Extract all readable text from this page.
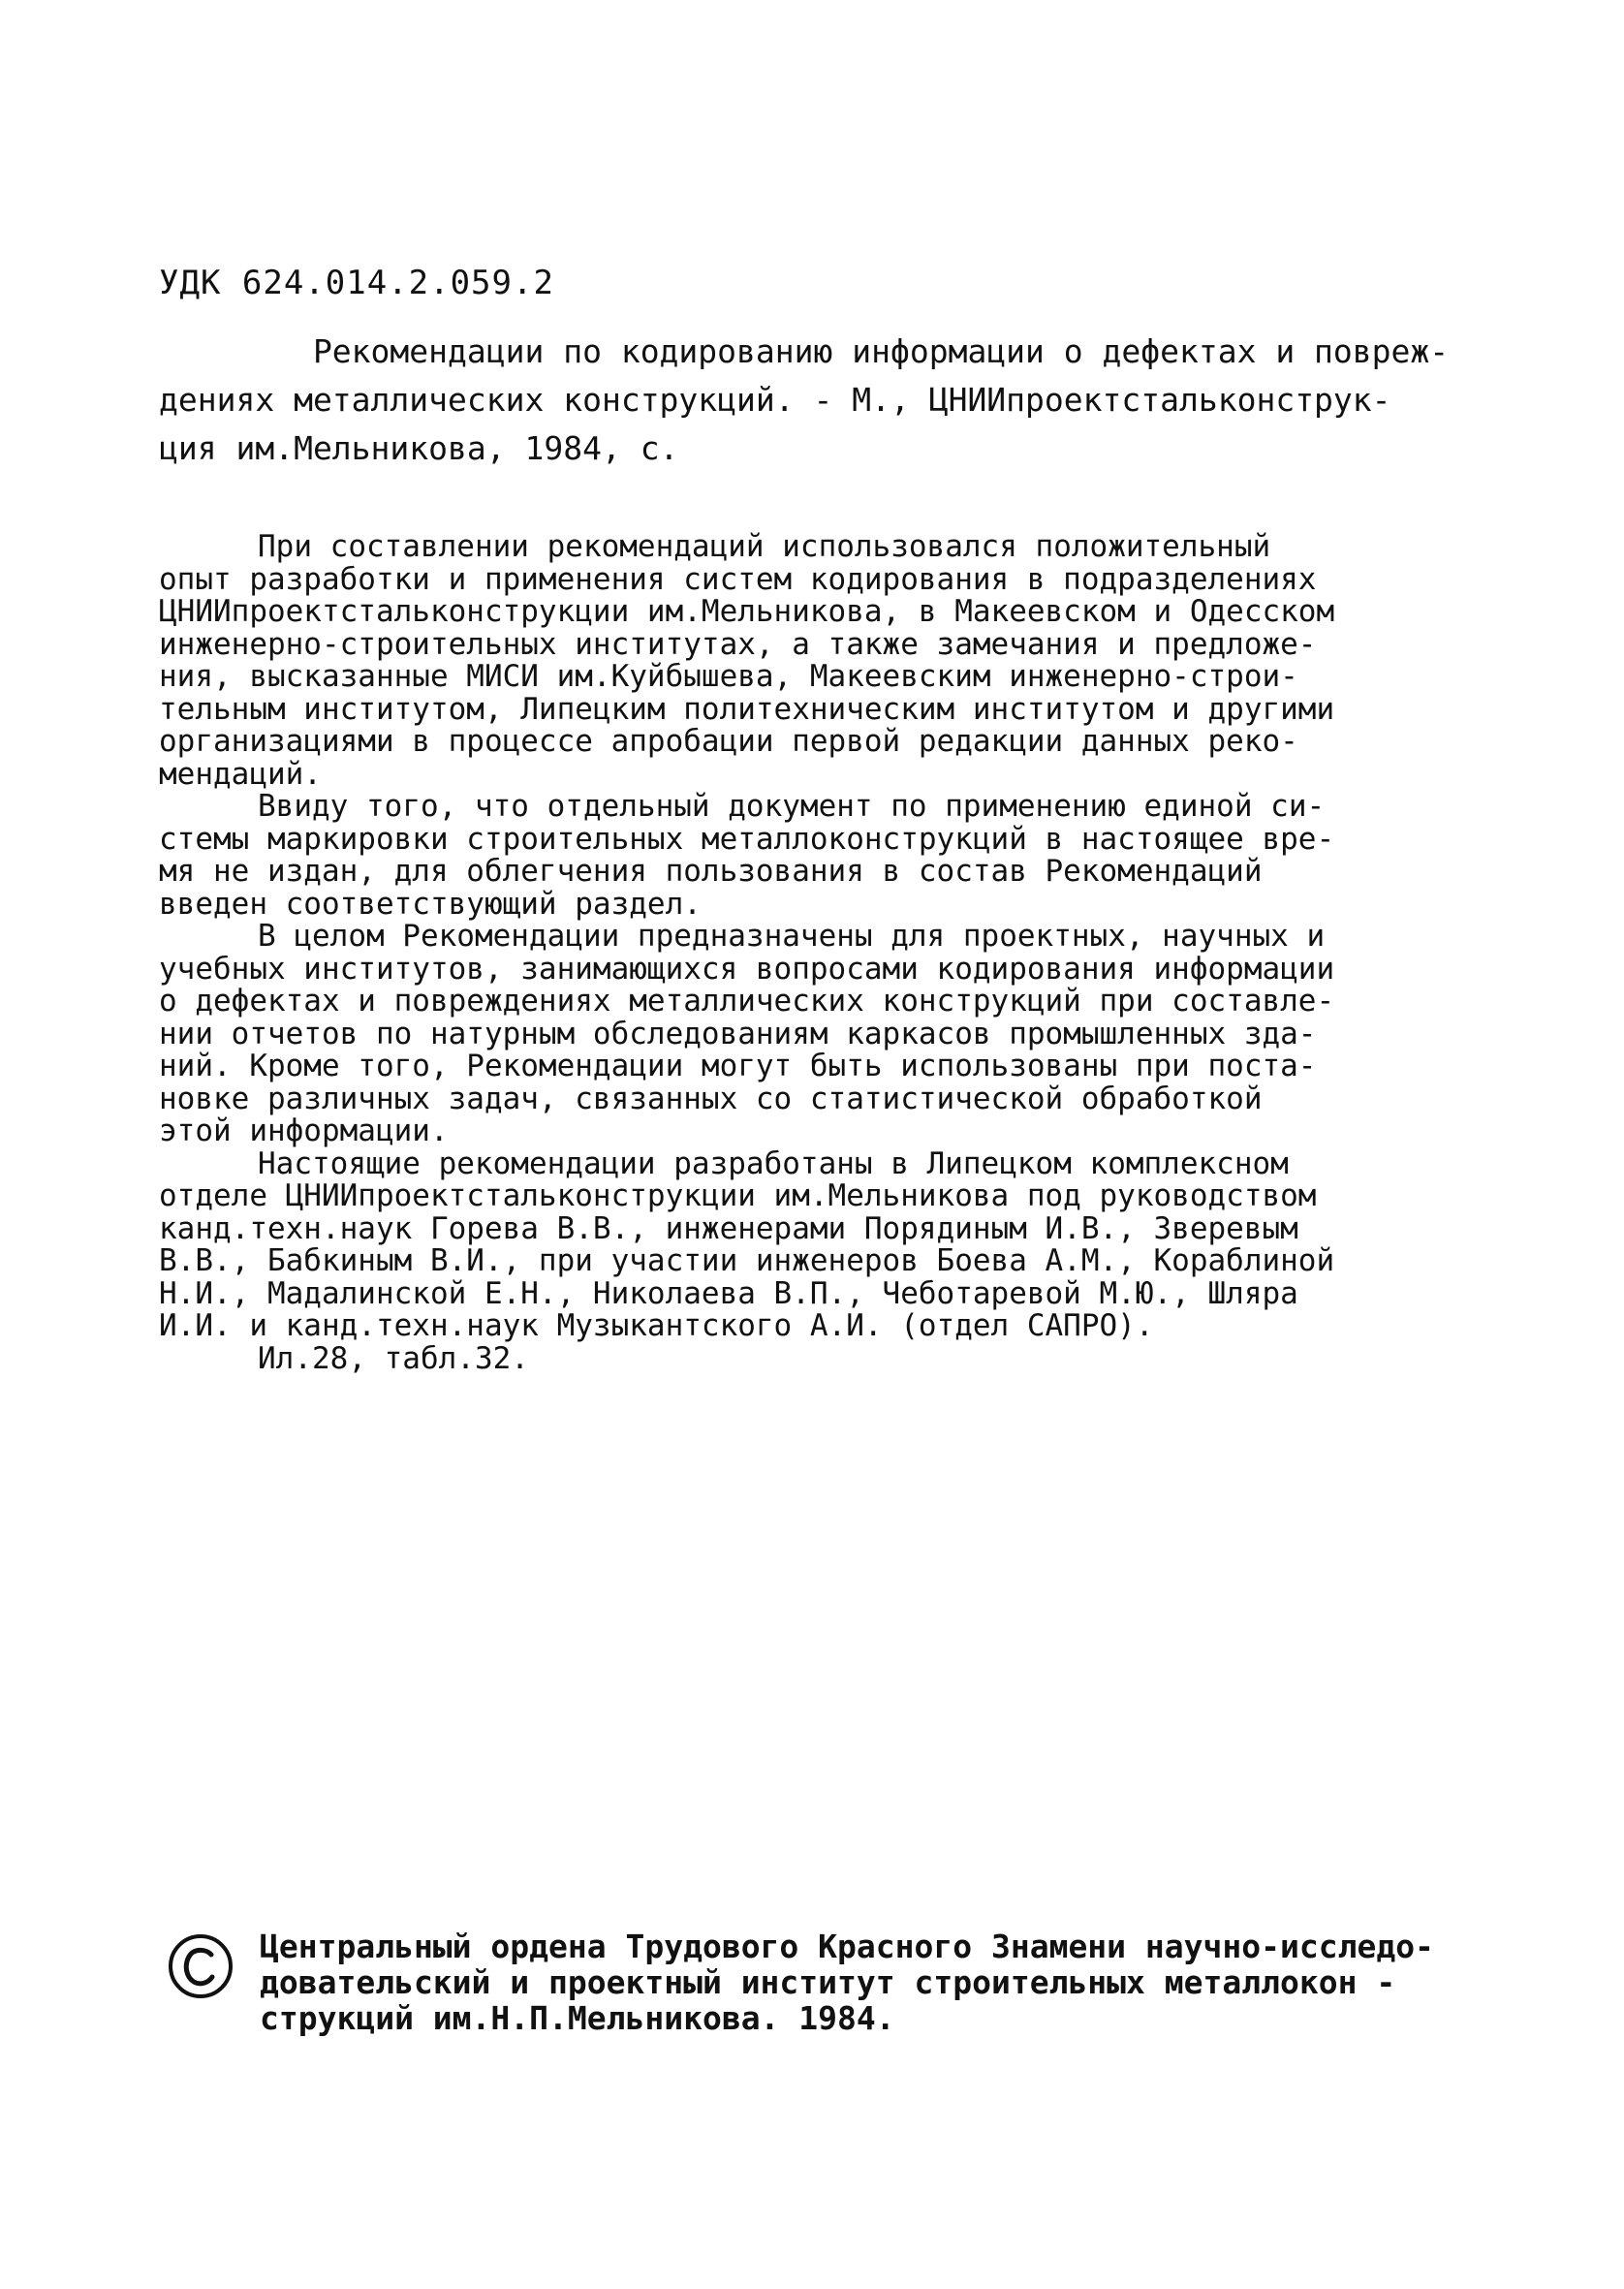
УДК 624.014.2.059.2
Рекомендации по кодированию информации о дефектах и повреж-
дениях металлических конструкций. - М., ЦНИИпроектстальконструк-
ция им.Мельникова, 1984, с.
При составлении рекомендаций использовался положительный
опыт разработки и применения систем кодирования в подразделениях
ЦНИИпроектстальконструкции им.Мельникова, в Макеевском и Одесском
инженерно-строительных институтах, а также замечания и предложе-
ния, высказанные МИСИ им.Куйбышева, Макеевским инженерно-строи-
тельным институтом, Липецким политехническим институтом и другими
организациями в процессе апробации первой редакции данных реко-
мендаций.
Ввиду того, что отдельный документ по применению единой си-
стемы маркировки строительных металлоконструкций в настоящее вре-
мя не издан, для облегчения пользования в состав Рекомендаций
введен соответствующий раздел.
В целом Рекомендации предназначены для проектных, научных и
учебных институтов, занимающихся вопросами кодирования информации
о дефектах и повреждениях металлических конструкций при составле-
нии отчетов по натурным обследованиям каркасов промышленных зда-
ний. Кроме того, Рекомендации могут быть использованы при поста-
новке различных задач, связанных со статистической обработкой
этой информации.
Настоящие рекомендации разработаны в Липецком комплексном
отделе ЦНИИпроектстальконструкции им.Мельникова под руководством
канд.техн.наук Горева В.В., инженерами Порядиным И.В., Зверевым
В.В., Бабкиным В.И., при участии инженеров Боева А.М., Кораблиной
Н.И., Мадалинской Е.Н., Николаева В.П., Чеботаревой М.Ю., Шляра
И.И. и канд.техн.наук Музыкантского А.И. (отдел САПРО).
Ил.28, табл.32.
Центральный ордена Трудового Красного Знамени научно-исследо-
довательский и проектный институт строительных металлокон -
струкций им.Н.П.Мельникова. 1984.
